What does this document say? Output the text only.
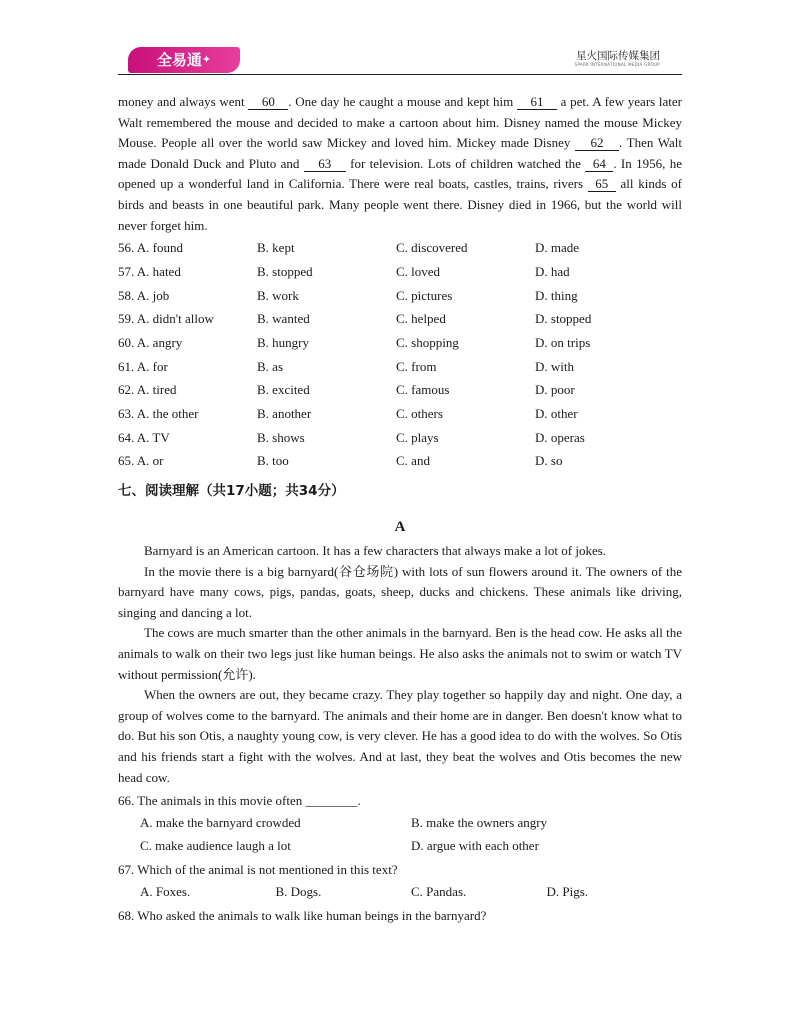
全易通✦	星火国际传媒集团
SPARK INTERNATIONAL MEDIA GROUP

money and always went 60 . One day he caught a mouse and kept him 61 a pet. A few years later Walt remembered the mouse and decided to make a cartoon about him. Disney named the mouse Mickey Mouse. People all over the world saw Mickey and loved him. Mickey made Disney 62 . Then Walt made Donald Duck and Pluto and 63 for television. Lots of children watched the 64 . In 1956, he opened up a wonderful land in California. There were real boats, castles, trains, rivers 65 all kinds of birds and beasts in one beautiful park. Many people went there. Disney died in 1966, but the world will never forget him.

56. A. found	B. kept	C. discovered	D. made
57. A. hated	B. stopped	C. loved	D. had
58. A. job	B. work	C. pictures	D. thing
59. A. didn't allow	B. wanted	C. helped	D. stopped
60. A. angry	B. hungry	C. shopping	D. on trips
61. A. for	B. as	C. from	D. with
62. A. tired	B. excited	C. famous	D. poor
63. A. the other	B. another	C. others	D. other
64. A. TV	B. shows	C. plays	D. operas
65. A. or	B. too	C. and	D. so
七、阅读理解（共17小题；共34分）
A

Barnyard is an American cartoon. It has a few characters that always make a lot of jokes.

In the movie there is a big barnyard(谷仓场院) with lots of sun flowers around it. The owners of the barnyard have many cows, pigs, pandas, goats, sheep, ducks and chickens. These animals like driving, singing and dancing a lot.

The cows are much smarter than the other animals in the barnyard. Ben is the head cow. He asks all the animals to walk on their two legs just like human beings. He also asks the animals not to swim or watch TV without permission(允许).

When the owners are out, they became crazy. They play together so happily day and night. One day, a group of wolves come to the barnyard. The animals and their home are in danger. Ben doesn't know what to do. But his son Otis, a naughty young cow, is very clever. He has a good idea to do with the wolves. So Otis and his friends start a fight with the wolves. And at last, they beat the wolves and Otis becomes the new head cow.

66. The animals in this movie often ________.
A. make the barnyard crowded	B. make the owners angry
C. make audience laugh a lot	D. argue with each other
67. Which of the animal is not mentioned in this text?
A. Foxes.	B. Dogs.	C. Pandas.	D. Pigs.
68. Who asked the animals to walk like human beings in the barnyard?
